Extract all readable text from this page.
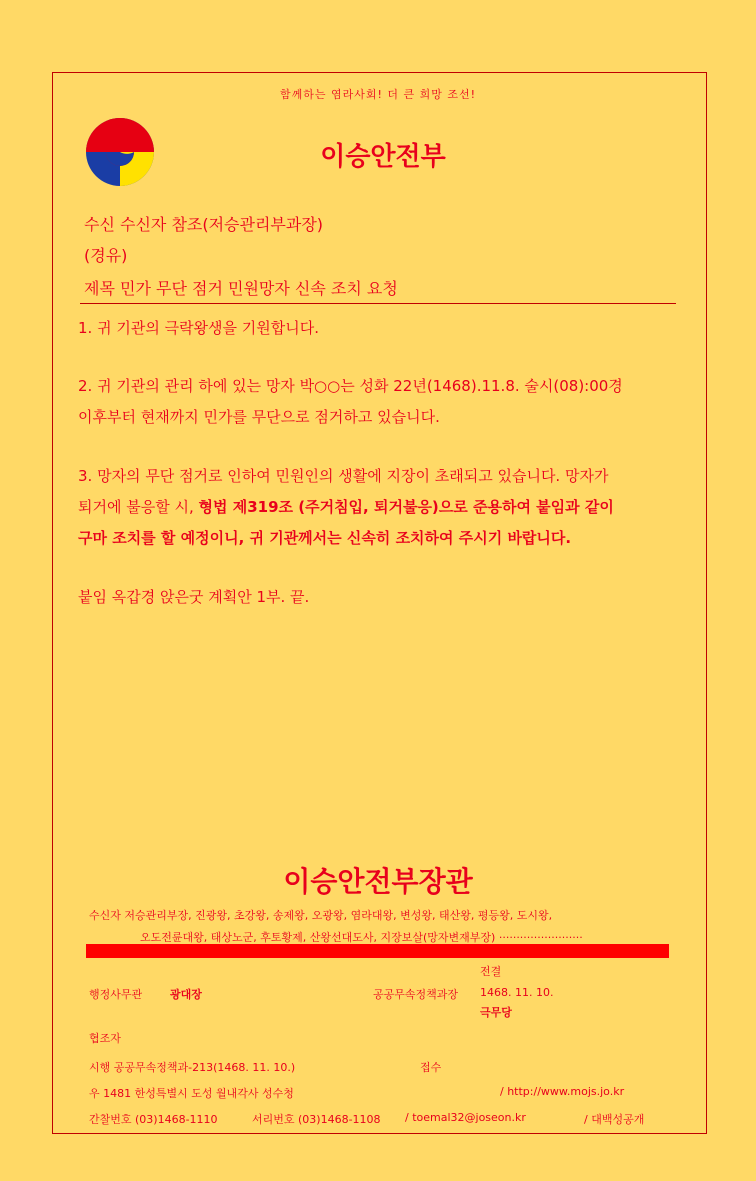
함께하는 염라사회! 더 큰 희망 조선!
이승안전부
수신 수신자 참조(저승관리부과장)
(경유)
제목 민가 무단 점거 민원망자 신속 조치 요청
1. 귀 기관의 극락왕생을 기원합니다.
2. 귀 기관의 관리 하에 있는 망자 박○○는 성화 22년(1468).11.8. 술시(08):00경
이후부터 현재까지 민가를 무단으로 점거하고 있습니다.
3. 망자의 무단 점거로 인하여 민원인의 생활에 지장이 초래되고 있습니다. 망자가
퇴거에 불응할 시, 형법 제319조 (주거침입, 퇴거불응)으로 준용하여 붙임과 같이
구마 조치를 할 예정이니, 귀 기관께서는 신속히 조치하여 주시기 바랍니다.
붙임 옥갑경 앉은굿 계획안 1부. 끝.
이승안전부장관
수신자 저승관리부장, 진광왕, 초강왕, 송제왕, 오광왕, 염라대왕, 변성왕, 태산왕, 평등왕, 도시왕,
오도전륜대왕, 태상노군, 후토황제, 산왕선대도사, 지장보살(망자변재부장) ························
전결
행정사무관	광대장	공공무속정책과장 1468. 11. 10.
극무당
협조자
시행 공공무속정책과-213(1468. 11. 10.)	접수
우 1481 한성특별시 도성 월내각사 성수청	/ http://www.mojs.jo.kr
간찰번호 (03)1468-1110	서리번호 (03)1468-1108 / toemal32@joseon.kr	/ 대백성공개
